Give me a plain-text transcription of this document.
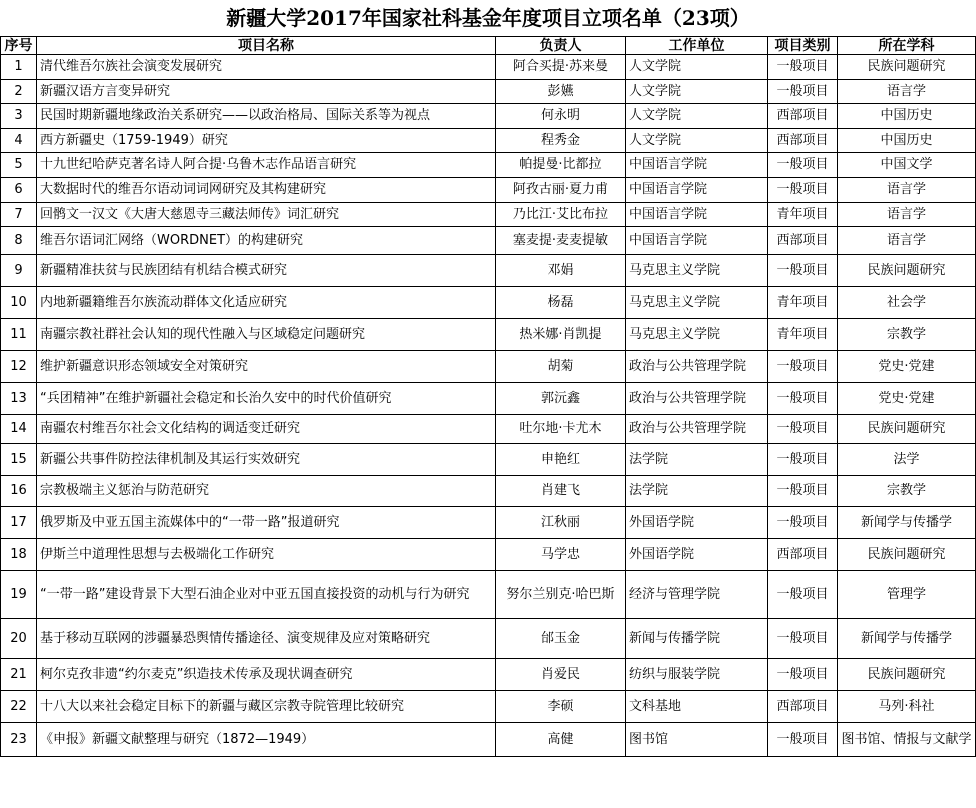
新疆大学2017年国家社科基金年度项目立项名单（23项）
序号	项目名称	负责人	工作单位	项目类别	所在学科
1	清代维吾尔族社会演变发展研究	阿合买提·苏来曼	人文学院	一般项目	民族问题研究
2	新疆汉语方言变异研究	彭嬿	人文学院	一般项目	语言学
3	民国时期新疆地缘政治关系研究——以政治格局、国际关系等为视点	何永明	人文学院	西部项目	中国历史
4	西方新疆史（1759-1949）研究	程秀金	人文学院	西部项目	中国历史
5	十九世纪哈萨克著名诗人阿合提·乌鲁木志作品语言研究	帕提曼·比都拉	中国语言学院	一般项目	中国文学
6	大数据时代的维吾尔语动词词网研究及其构建研究	阿孜古丽·夏力甫	中国语言学院	一般项目	语言学
7	回鹘文一汉文《大唐大慈恩寺三藏法师传》词汇研究	乃比江·艾比布拉	中国语言学院	青年项目	语言学
8	维吾尔语词汇网络（WORDNET）的构建研究	塞麦提·麦麦提敏	中国语言学院	西部项目	语言学
9	新疆精准扶贫与民族团结有机结合模式研究	邓娟	马克思主义学院	一般项目	民族问题研究
10	内地新疆籍维吾尔族流动群体文化适应研究	杨磊	马克思主义学院	青年项目	社会学
11	南疆宗教社群社会认知的现代性融入与区域稳定问题研究	热米娜·肖凯提	马克思主义学院	青年项目	宗教学
12	维护新疆意识形态领域安全对策研究	胡菊	政治与公共管理学院	一般项目	党史·党建
13	“兵团精神”在维护新疆社会稳定和长治久安中的时代价值研究	郭沅鑫	政治与公共管理学院	一般项目	党史·党建
14	南疆农村维吾尔社会文化结构的调适变迁研究	吐尔地·卡尤木	政治与公共管理学院	一般项目	民族问题研究
15	新疆公共事件防控法律机制及其运行实效研究	申艳红	法学院	一般项目	法学
16	宗教极端主义惩治与防范研究	肖建飞	法学院	一般项目	宗教学
17	俄罗斯及中亚五国主流媒体中的“一带一路”报道研究	江秋丽	外国语学院	一般项目	新闻学与传播学
18	伊斯兰中道理性思想与去极端化工作研究	马学忠	外国语学院	西部项目	民族问题研究
19	“一带一路”建设背景下大型石油企业对中亚五国直接投资的动机与行为研究	努尔兰别克·哈巴斯	经济与管理学院	一般项目	管理学
20	基于移动互联网的涉疆暴恐舆情传播途径、演变规律及应对策略研究	邰玉金	新闻与传播学院	一般项目	新闻学与传播学
21	柯尔克孜非遗“约尔麦克”织造技术传承及现状调查研究	肖爱民	纺织与服装学院	一般项目	民族问题研究
22	十八大以来社会稳定目标下的新疆与藏区宗教寺院管理比较研究	李硕	文科基地	西部项目	马列·科社
23	《申报》新疆文献整理与研究（1872—1949）	高健	图书馆	一般项目	图书馆、情报与文献学
